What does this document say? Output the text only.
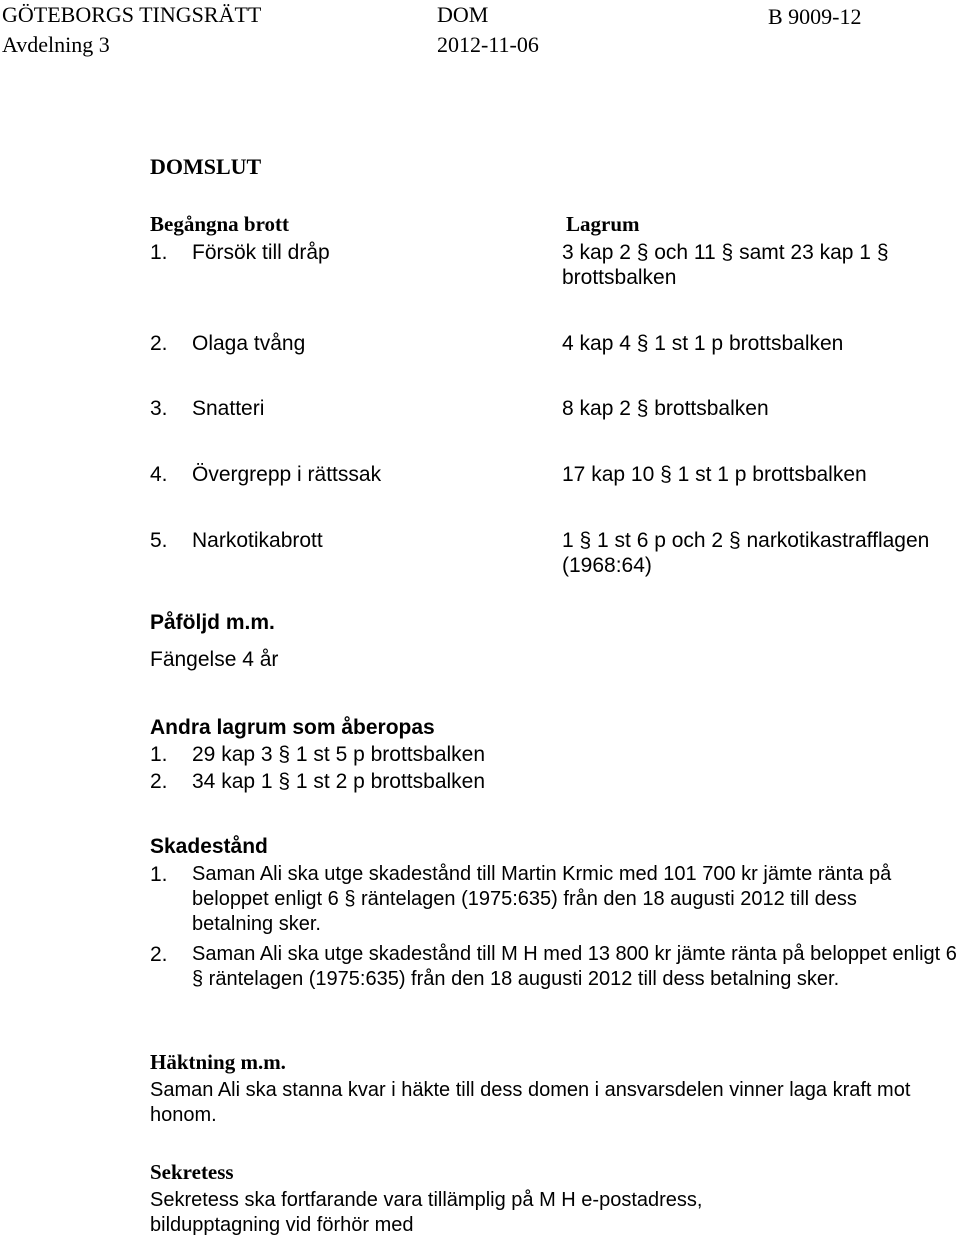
GÖTEBORGS TINGSRÄTT
Avdelning 3
DOM
2012-11-06
B 9009-12
DOMSLUT
Begångna brott	Lagrum
1. Försök till dråp	3 kap 2 § och 11 § samt 23 kap 1 § brottsbalken
2. Olaga tvång	4 kap 4 § 1 st 1 p brottsbalken
3. Snatteri	8 kap 2 § brottsbalken
4. Övergrepp i rättssak	17 kap 10 § 1 st 1 p brottsbalken
5. Narkotikabrott	1 § 1 st 6 p och 2 § narkotikastrafflagen (1968:64)
Påföljd m.m.
Fängelse 4 år
Andra lagrum som åberopas
1. 29 kap 3 § 1 st 5 p brottsbalken
2. 34 kap 1 § 1 st 2 p brottsbalken
Skadestånd
1. Saman Ali ska utge skadestånd till Martin Krmic med 101 700 kr jämte ränta på beloppet enligt 6 § räntelagen (1975:635) från den 18 augusti 2012 till dess betalning sker.
2. Saman Ali ska utge skadestånd till M H med 13 800 kr jämte ränta på beloppet enligt 6 § räntelagen (1975:635) från den 18 augusti 2012 till dess betalning sker.
Häktning m.m.
Saman Ali ska stanna kvar i häkte till dess domen i ansvarsdelen vinner laga kraft mot honom.
Sekretess
Sekretess ska fortfarande vara tillämplig på M H e-postadress, bildupptagning vid förhör med
